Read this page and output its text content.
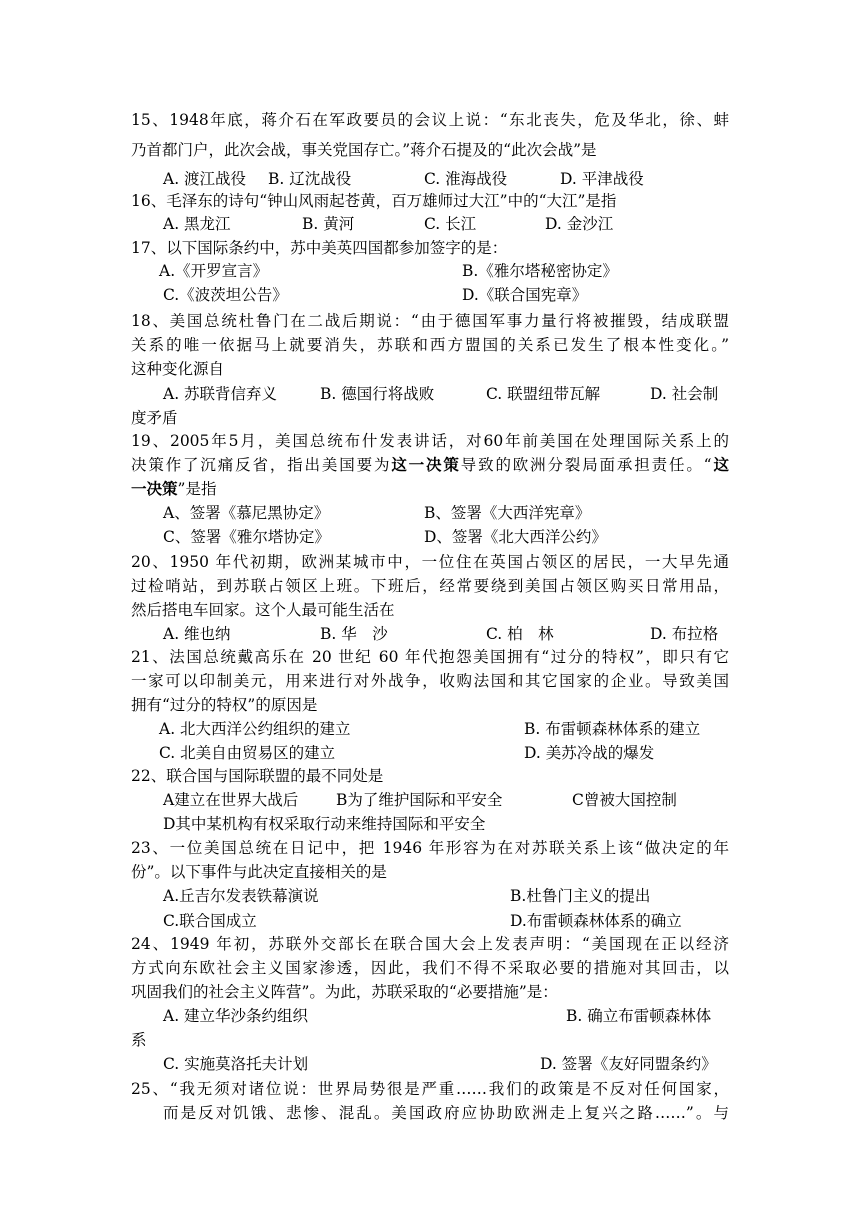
15、1948年底，蒋介石在军政要员的会议上说：“东北丧失，危及华北，徐、蚌
乃首都门户，此次会战，事关党国存亡。”蒋介石提及的“此次会战”是
A. 渡江战役 B. 辽沈战役	C. 淮海战役	D. 平津战役
16、毛泽东的诗句“钟山风雨起苍黄，百万雄师过大江”中的“大江”是指
A. 黑龙江	B. 黄河	C. 长江	D. 金沙江
17、以下国际条约中，苏中美英四国都参加签字的是：
A.《开罗宣言》	B.《雅尔塔秘密协定》
C.《波茨坦公告》	D.《联合国宪章》
18、美国总统杜鲁门在二战后期说：“由于德国军事力量行将被摧毁，结成联盟
关系的唯一依据马上就要消失，苏联和西方盟国的关系已发生了根本性变化。”
这种变化源自
A. 苏联背信弃义	B. 德国行将战败	C. 联盟纽带瓦解	D. 社会制
度矛盾
19、2005年5月，美国总统布什发表讲话，对60年前美国在处理国际关系上的
决策作了沉痛反省，指出美国要为这一决策导致的欧洲分裂局面承担责任。“这
一决策”是指
A、签署《慕尼黑协定》	B、签署《大西洋宪章》
C、签署《雅尔塔协定》	D、签署《北大西洋公约》
20、1950 年代初期，欧洲某城市中，一位住在英国占领区的居民，一大早先通
过检哨站，到苏联占领区上班。下班后，经常要绕到美国占领区购买日常用品，
然后搭电车回家。这个人最可能生活在
A. 维也纳	B. 华　沙	C. 柏　林	D. 布拉格
21、法国总统戴高乐在 20 世纪 60 年代抱怨美国拥有“过分的特权”，即只有它
一家可以印制美元，用来进行对外战争，收购法国和其它国家的企业。导致美国
拥有“过分的特权”的原因是
A. 北大西洋公约组织的建立	B. 布雷顿森林体系的建立
C. 北美自由贸易区的建立	D. 美苏冷战的爆发
22、联合国与国际联盟的最不同处是
A建立在世界大战后 B为了维护国际和平安全	C曾被大国控制
D其中某机构有权采取行动来维持国际和平安全
23、一位美国总统在日记中，把 1946 年形容为在对苏联关系上该“做决定的年
份”。以下事件与此决定直接相关的是
A.丘吉尔发表铁幕演说	B.杜鲁门主义的提出
C.联合国成立	D.布雷顿森林体系的确立
24、1949 年初，苏联外交部长在联合国大会上发表声明：“美国现在正以经济
方式向东欧社会主义国家渗透，因此，我们不得不采取必要的措施对其回击，以
巩固我们的社会主义阵营”。为此，苏联采取的“必要措施”是：
A. 建立华沙条约组织	B. 确立布雷顿森林体
系
C. 实施莫洛托夫计划	D. 签署《友好同盟条约》
25、“我无须对诸位说：世界局势很是严重……我们的政策是不反对任何国家，
而是反对饥饿、悲惨、混乱。美国政府应协助欧洲走上复兴之路……”。与
